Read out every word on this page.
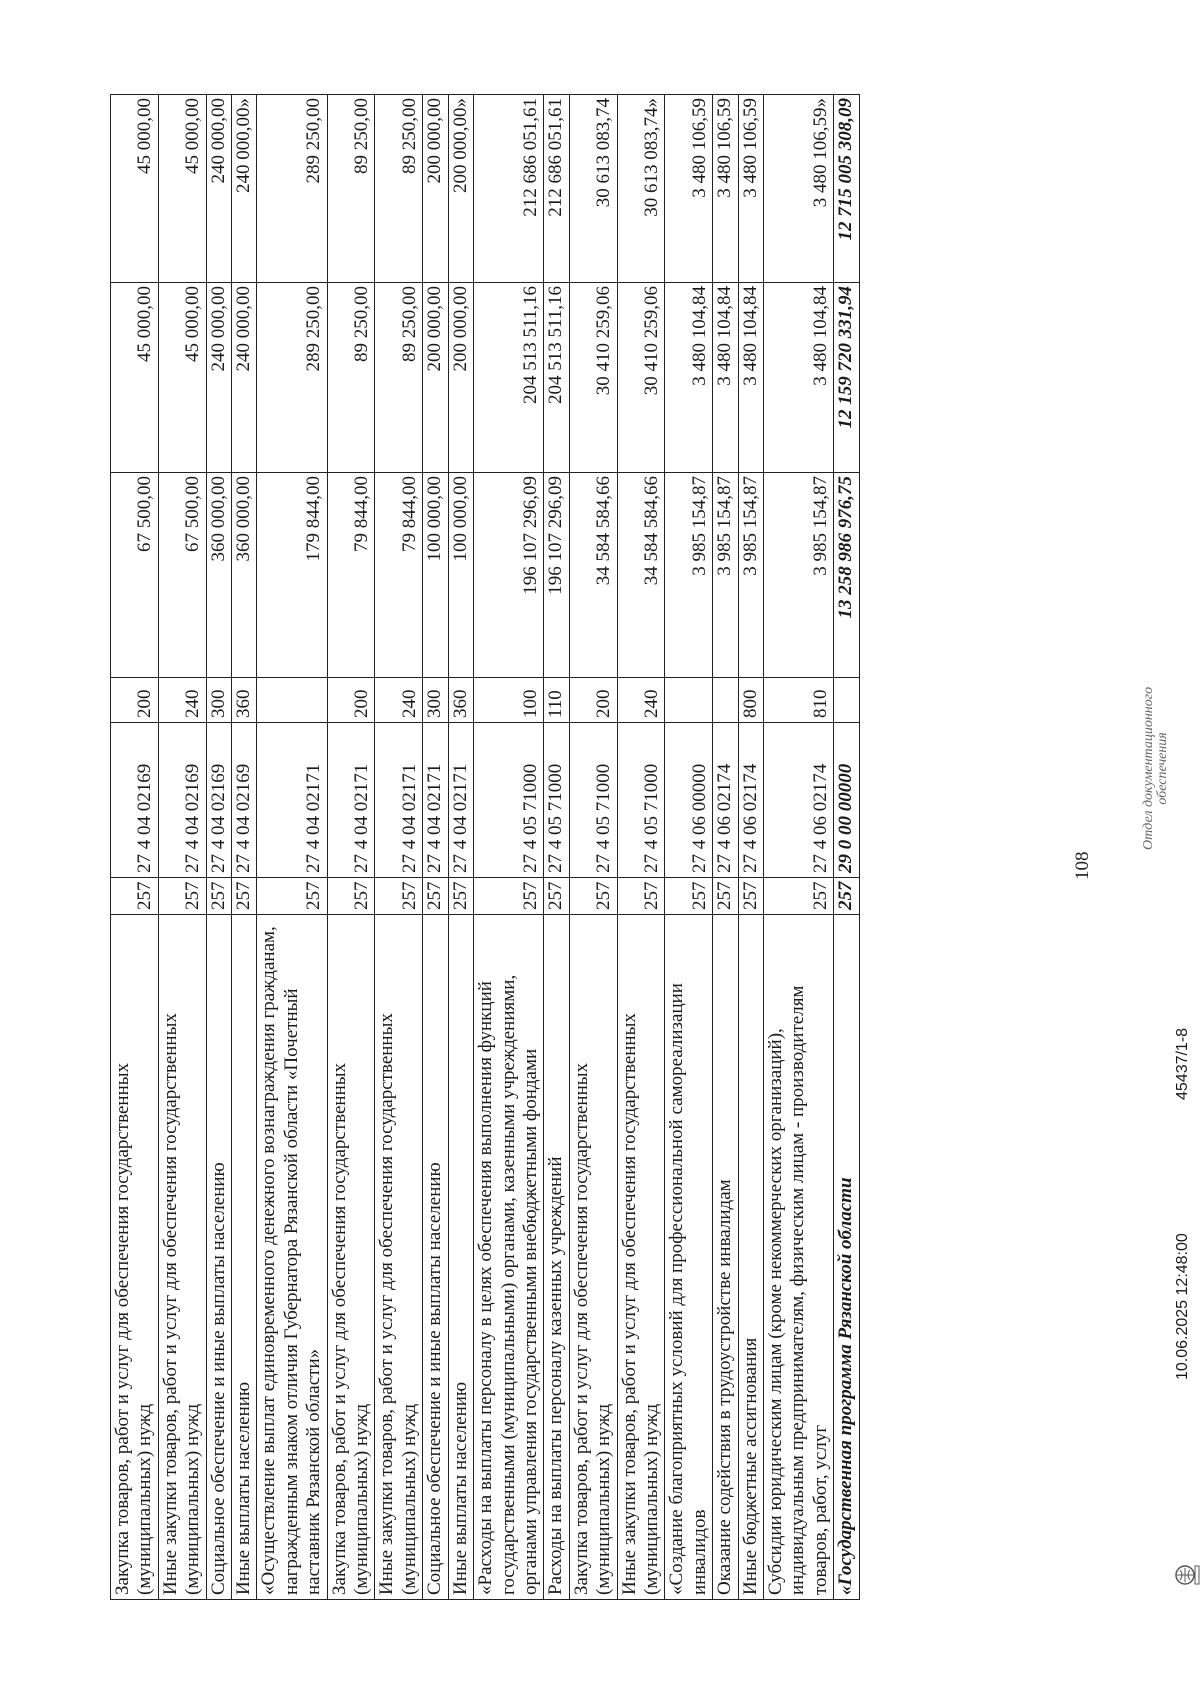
108
Закупка товаров, работ и услуг для обеспечения государственных (муниципальных) нужд	257	27 4 04 02169	200	67 500,00	45 000,00	45 000,00
Иные закупки товаров, работ и услуг для обеспечения государственных (муниципальных) нужд	257	27 4 04 02169	240	67 500,00	45 000,00	45 000,00
Социальное обеспечение и иные выплаты населению	257	27 4 04 02169	300	360 000,00	240 000,00	240 000,00
Иные выплаты населению	257	27 4 04 02169	360	360 000,00	240 000,00	240 000,00»
«Осуществление выплат единовременного денежного вознаграждения гражданам, награжденным знаком отличия Губернатора Рязанской области «Почетный наставник Рязанской области»	257	27 4 04 02171		179 844,00	289 250,00	289 250,00
Закупка товаров, работ и услуг для обеспечения государственных (муниципальных) нужд	257	27 4 04 02171	200	79 844,00	89 250,00	89 250,00
Иные закупки товаров, работ и услуг для обеспечения государственных (муниципальных) нужд	257	27 4 04 02171	240	79 844,00	89 250,00	89 250,00
Социальное обеспечение и иные выплаты населению	257	27 4 04 02171	300	100 000,00	200 000,00	200 000,00
Иные выплаты населению	257	27 4 04 02171	360	100 000,00	200 000,00	200 000,00»
«Расходы на выплаты персоналу в целях обеспечения выполнения функций государственными (муниципальными) органами, казенными учреждениями, органами управления государственными внебюджетными фондами	257	27 4 05 71000	100	196 107 296,09	204 513 511,16	212 686 051,61
Расходы на выплаты персоналу казенных учреждений	257	27 4 05 71000	110	196 107 296,09	204 513 511,16	212 686 051,61
Закупка товаров, работ и услуг для обеспечения государственных (муниципальных) нужд	257	27 4 05 71000	200	34 584 584,66	30 410 259,06	30 613 083,74
Иные закупки товаров, работ и услуг для обеспечения государственных (муниципальных) нужд	257	27 4 05 71000	240	34 584 584,66	30 410 259,06	30 613 083,74»
«Создание благоприятных условий для профессиональной самореализации инвалидов	257	27 4 06 00000		3 985 154,87	3 480 104,84	3 480 106,59
Оказание содействия в трудоустройстве инвалидам	257	27 4 06 02174		3 985 154,87	3 480 104,84	3 480 106,59
Иные бюджетные ассигнования	257	27 4 06 02174	800	3 985 154,87	3 480 104,84	3 480 106,59
Субсидии юридическим лицам (кроме некоммерческих организаций), индивидуальным предпринимателям, физическим лицам - производителям товаров, работ, услуг	257	27 4 06 02174	810	3 985 154,87	3 480 104,84	3 480 106,59»
«Государственная программа Рязанской области	257	29 0 00 00000		13 258 986 976,75	12 159 720 331,94	12 715 005 308,09
10.06.2025 12:48:00
45437/1-8
Отдел документационного обеспечения
